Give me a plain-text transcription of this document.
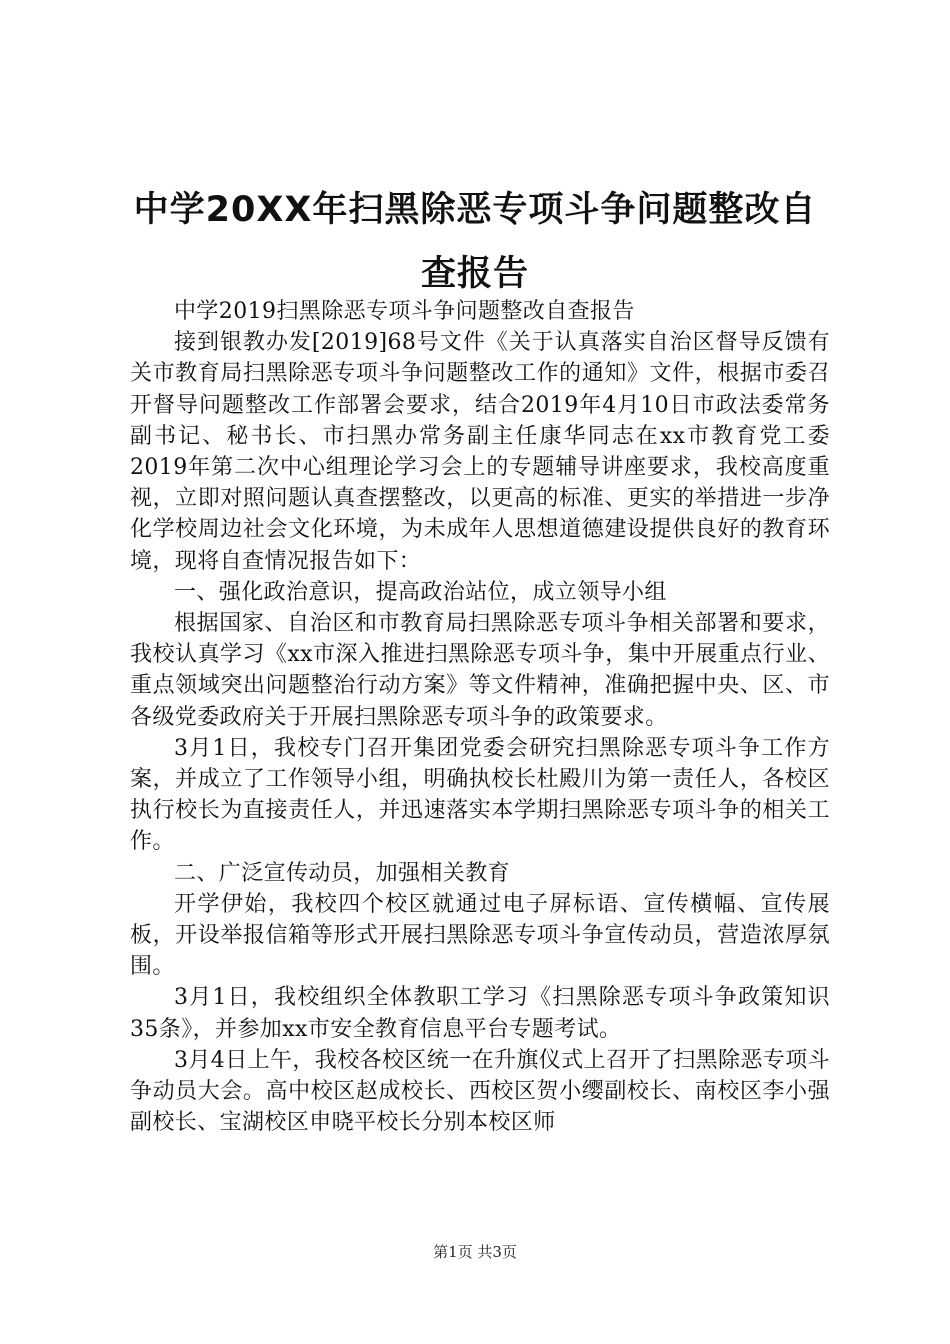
中学20XX年扫黑除恶专项斗争问题整改自查报告

中学2019扫黑除恶专项斗争问题整改自查报告

接到银教办发[2019]68号文件《关于认真落实自治区督导反馈有关市教育局扫黑除恶专项斗争问题整改工作的通知》文件，根据市委召开督导问题整改工作部署会要求，结合2019年4月10日市政法委常务副书记、秘书长、市扫黑办常务副主任康华同志在xx市教育党工委2019年第二次中心组理论学习会上的专题辅导讲座要求，我校高度重视，立即对照问题认真查摆整改，以更高的标准、更实的举措进一步净化学校周边社会文化环境，为未成年人思想道德建设提供良好的教育环境，现将自查情况报告如下：

一、强化政治意识，提高政治站位，成立领导小组

根据国家、自治区和市教育局扫黑除恶专项斗争相关部署和要求，我校认真学习《xx市深入推进扫黑除恶专项斗争，集中开展重点行业、重点领域突出问题整治行动方案》等文件精神，准确把握中央、区、市各级党委政府关于开展扫黑除恶专项斗争的政策要求。

3月1日，我校专门召开集团党委会研究扫黑除恶专项斗争工作方案，并成立了工作领导小组，明确执校长杜殿川为第一责任人，各校区执行校长为直接责任人，并迅速落实本学期扫黑除恶专项斗争的相关工作。

二、广泛宣传动员，加强相关教育

开学伊始，我校四个校区就通过电子屏标语、宣传横幅、宣传展板，开设举报信箱等形式开展扫黑除恶专项斗争宣传动员，营造浓厚氛围。

3月1日，我校组织全体教职工学习《扫黑除恶专项斗争政策知识35条》，并参加xx市安全教育信息平台专题考试。

3月4日上午，我校各校区统一在升旗仪式上召开了扫黑除恶专项斗争动员大会。高中校区赵成校长、西校区贺小缨副校长、南校区李小强副校长、宝湖校区申晓平校长分别本校区师

第1页 共3页
